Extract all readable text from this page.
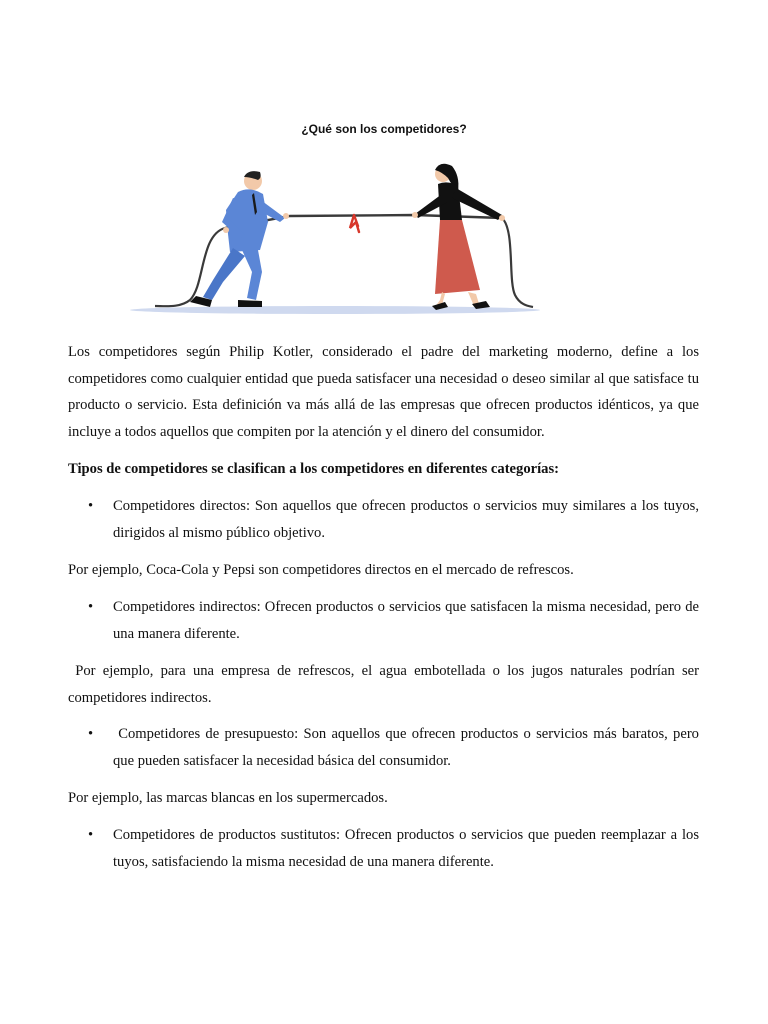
¿Qué son los competidores?
Los competidores según Philip Kotler, considerado el padre del marketing moderno, define a los competidores como cualquier entidad que pueda satisfacer una necesidad o deseo similar al que satisface tu producto o servicio. Esta definición va más allá de las empresas que ofrecen productos idénticos, ya que incluye a todos aquellos que compiten por la atención y el dinero del consumidor.
Tipos de competidores se clasifican a los competidores en diferentes categorías:
•	Competidores directos: Son aquellos que ofrecen productos o servicios muy similares a los tuyos, dirigidos al mismo público objetivo.
Por ejemplo, Coca-Cola y Pepsi son competidores directos en el mercado de refrescos.
•	Competidores indirectos: Ofrecen productos o servicios que satisfacen la misma necesidad, pero de una manera diferente.
Por ejemplo, para una empresa de refrescos, el agua embotellada o los jugos naturales podrían ser competidores indirectos.
•	Competidores de presupuesto: Son aquellos que ofrecen productos o servicios más baratos, pero que pueden satisfacer la necesidad básica del consumidor.
Por ejemplo, las marcas blancas en los supermercados.
•	Competidores de productos sustitutos: Ofrecen productos o servicios que pueden reemplazar a los tuyos, satisfaciendo la misma necesidad de una manera diferente.
